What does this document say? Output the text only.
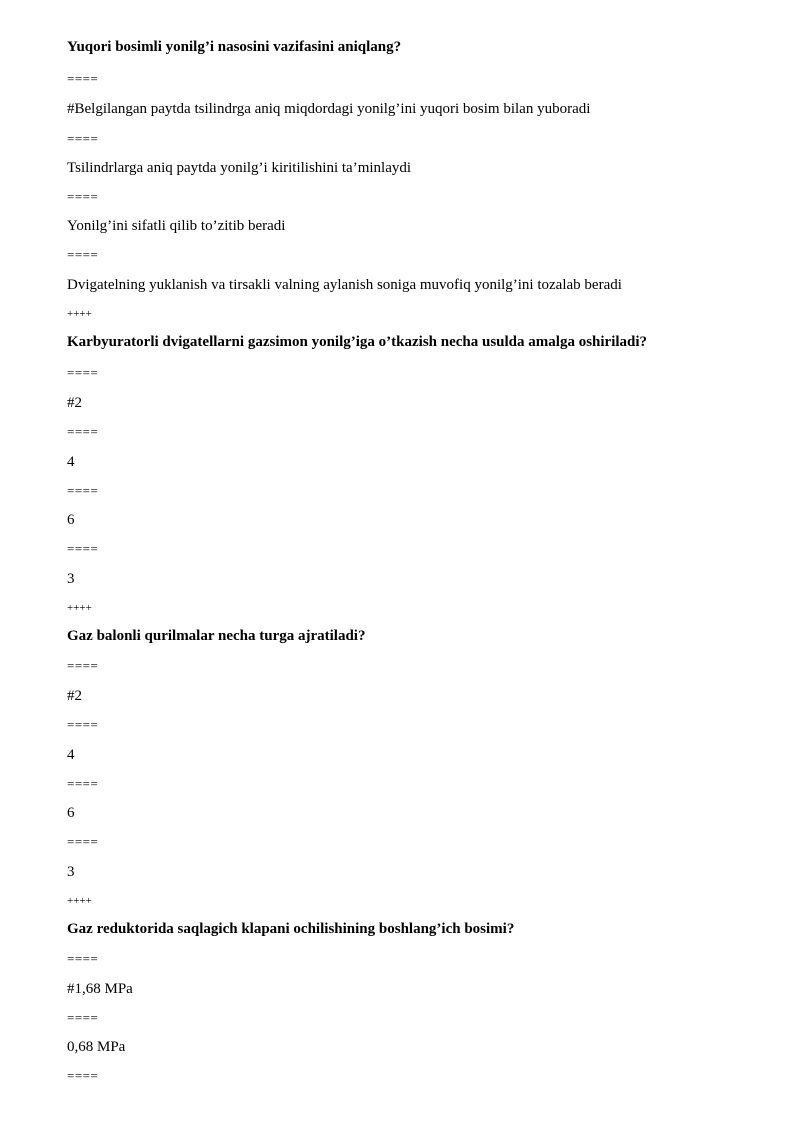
Yuqori bosimli yonilg’i nasosini vazifasini aniqlang?
====
#Belgilangan paytda tsilindrga aniq miqdordagi yonilg’ini yuqori bosim bilan yuboradi
====
Tsilindrlarga aniq paytda yonilg’i kiritilishini ta’minlaydi
====
Yonilg’ini sifatli qilib to’zitib beradi
====
Dvigatelning yuklanish va tirsakli valning aylanish soniga muvofiq yonilg’ini tozalab beradi
++++
Karbyuratorli dvigatellarni gazsimon yonilg’iga o’tkazish necha usulda amalga oshiriladi?
====
#2
====
4
====
6
====
3
++++
Gaz balonli qurilmalar necha turga ajratiladi?
====
#2
====
4
====
6
====
3
++++
Gaz reduktorida saqlagich klapani ochilishining boshlang’ich bosimi?
====
#1,68 MPa
====
0,68 MPa
====
